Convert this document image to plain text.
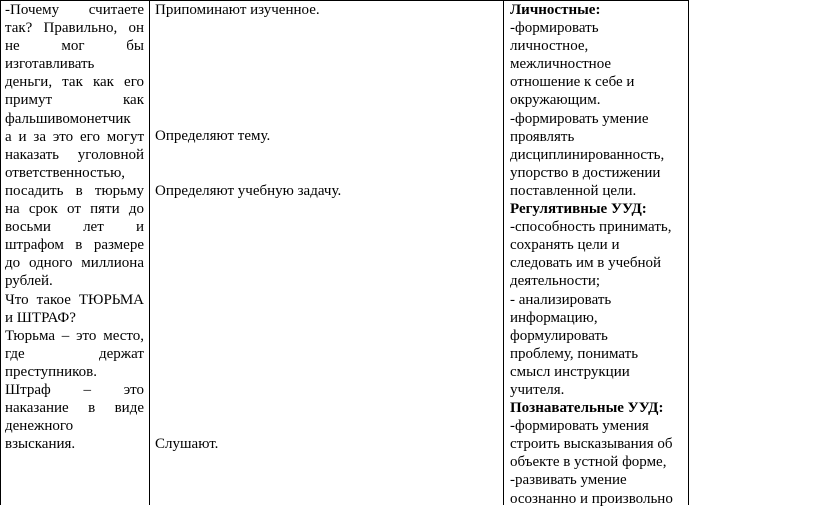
-Почему считаете

так? Правильно, он

не мог бы

изготавливать

деньги, так как его

примут как

фальшивомонетчик

а и за это его могут

наказать уголовной

ответственностью,

посадить в тюрьму

на срок от пяти до

восьми лет и

штрафом в размере

до одного миллиона

рублей.

Что такое ТЮРЬМА

и ШТРАФ?

Тюрьма – это место,

где держат

преступников.

Штраф – это

наказание в виде

денежного

взыскания.

Припоминают изученное.
Определяют тему.
Определяют учебную задачу.
Слушают.

Личностные:

-формировать

личностное,

межличностное

отношение к себе и

окружающим.

-формировать умение

проявлять

дисциплинированность,

упорство в достижении

поставленной цели.

Регулятивные УУД:

-способность принимать,

сохранять цели и

следовать им в учебной

деятельности;

- анализировать

информацию,

формулировать

проблему, понимать

смысл инструкции

учителя.

Познавательные УУД:

-формировать умения

строить высказывания об

объекте в устной форме,

-развивать умение

осознанно и произвольно
